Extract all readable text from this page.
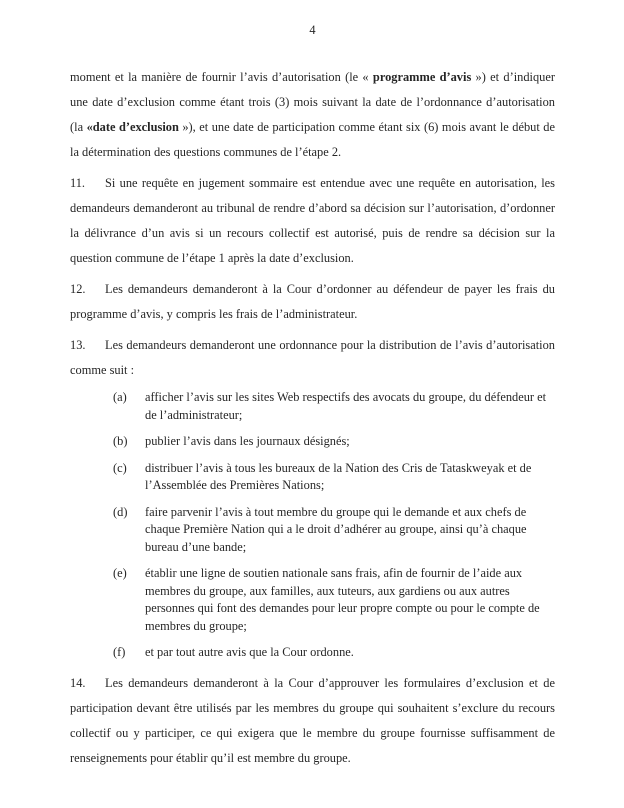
4

moment et la manière de fournir l’avis d’autorisation (le « programme d’avis ») et d’indiquer une date d’exclusion comme étant trois (3) mois suivant la date de l’ordonnance d’autorisation (la «date d’exclusion »), et une date de participation comme étant six (6) mois avant le début de la détermination des questions communes de l’étape 2.

11. Si une requête en jugement sommaire est entendue avec une requête en autorisation, les demandeurs demanderont au tribunal de rendre d’abord sa décision sur l’autorisation, d’ordonner la délivrance d’un avis si un recours collectif est autorisé, puis de rendre sa décision sur la question commune de l’étape 1 après la date d’exclusion.

12. Les demandeurs demanderont à la Cour d’ordonner au défendeur de payer les frais du programme d’avis, y compris les frais de l’administrateur.

13. Les demandeurs demanderont une ordonnance pour la distribution de l’avis d’autorisation comme suit :

(a)	afficher l’avis sur les sites Web respectifs des avocats du groupe, du défendeur et de l’administrateur;
(b)	publier l’avis dans les journaux désignés;
(c)	distribuer l’avis à tous les bureaux de la Nation des Cris de Tataskweyak et de l’Assemblée des Premières Nations;
(d)	faire parvenir l’avis à tout membre du groupe qui le demande et aux chefs de chaque Première Nation qui a le droit d’adhérer au groupe, ainsi qu’à chaque bureau d’une bande;
(e)	établir une ligne de soutien nationale sans frais, afin de fournir de l’aide aux membres du groupe, aux familles, aux tuteurs, aux gardiens ou aux autres personnes qui font des demandes pour leur propre compte ou pour le compte de membres du groupe;
(f)	et par tout autre avis que la Cour ordonne.

14. Les demandeurs demanderont à la Cour d’approuver les formulaires d’exclusion et de participation devant être utilisés par les membres du groupe qui souhaitent s’exclure du recours collectif ou y participer, ce qui exigera que le membre du groupe fournisse suffisamment de renseignements pour établir qu’il est membre du groupe.
